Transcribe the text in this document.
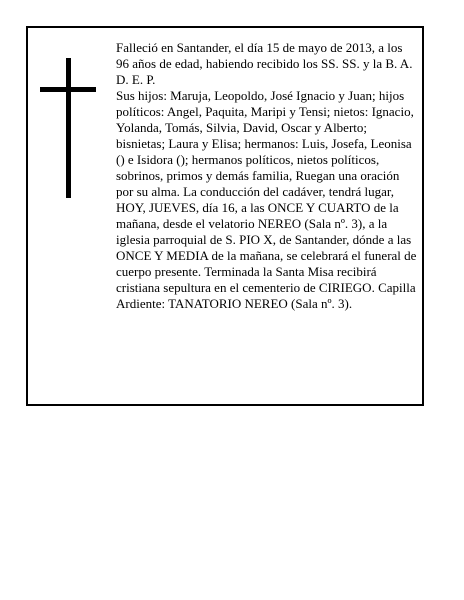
Falleció en Santander, el día 15 de mayo de 2013, a los 96 años de edad, habiendo recibido los SS. SS. y la B. A.

D. E. P.

Sus hijos: Maruja, Leopoldo, José Ignacio y Juan; hijos políticos: Angel, Paquita, Maripi y Tensi; nietos: Ignacio, Yolanda, Tomás, Silvia, David, Oscar y Alberto; bisnietas; Laura y Elisa; hermanos: Luis, Josefa, Leonisa () e Isidora (); hermanos políticos, nietos políticos, sobrinos, primos y demás familia, Ruegan una oración por su alma. La conducción del cadáver, tendrá lugar, HOY, JUEVES, día 16, a las ONCE Y CUARTO de la mañana, desde el velatorio NEREO (Sala nº. 3), a la iglesia parroquial de S. PIO X, de Santander, dónde a las ONCE Y MEDIA de la mañana, se celebrará el funeral de cuerpo presente. Terminada la Santa Misa recibirá cristiana sepultura en el cementerio de CIRIEGO. Capilla Ardiente: TANATORIO NEREO (Sala nº. 3).
